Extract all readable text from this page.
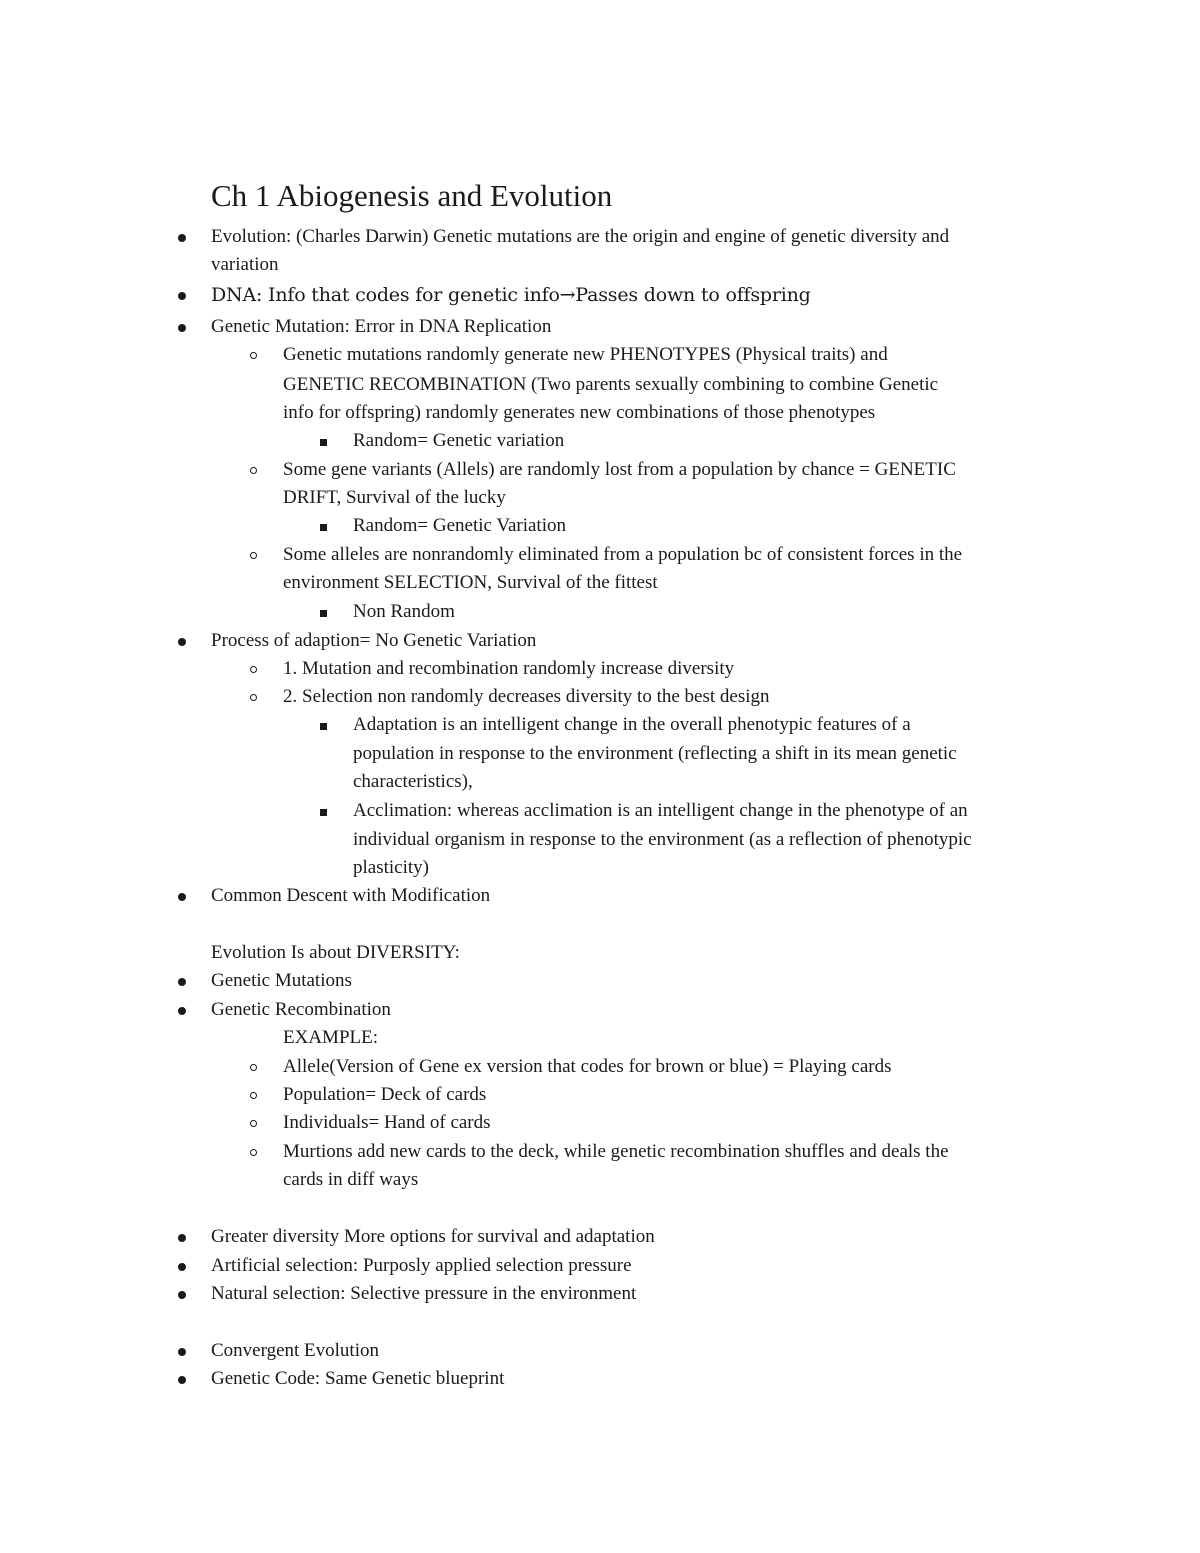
Ch 1 Abiogenesis and Evolution
Evolution: (Charles Darwin) Genetic mutations are the origin and engine of genetic diversity and
variation
DNA: Info that codes for genetic info→Passes down to offspring
Genetic Mutation: Error in DNA Replication
Genetic mutations randomly generate new PHENOTYPES (Physical traits) and
GENETIC RECOMBINATION (Two parents sexually combining to combine Genetic
info for offspring) randomly generates new combinations of those phenotypes
Random= Genetic variation
Some gene variants (Allels) are randomly lost from a population by chance = GENETIC
DRIFT, Survival of the lucky
Random= Genetic Variation
Some alleles are nonrandomly eliminated from a population bc of consistent forces in the
environment SELECTION, Survival of the fittest
Non Random
Process of adaption= No Genetic Variation
1. Mutation and recombination randomly increase diversity
2. Selection non randomly decreases diversity to the best design
Adaptation is an intelligent change in the overall phenotypic features of a
population in response to the environment (reflecting a shift in its mean genetic
characteristics),
Acclimation: whereas acclimation is an intelligent change in the phenotype of an
individual organism in response to the environment (as a reflection of phenotypic
plasticity)
Common Descent with Modification
Evolution Is about DIVERSITY:
Genetic Mutations
Genetic Recombination
EXAMPLE:
Allele(Version of Gene ex version that codes for brown or blue) = Playing cards
Population= Deck of cards
Individuals= Hand of cards
Murtions add new cards to the deck, while genetic recombination shuffles and deals the
cards in diff ways
Greater diversity More options for survival and adaptation
Artificial selection: Purposly applied selection pressure
Natural selection: Selective pressure in the environment
Convergent Evolution
Genetic Code: Same Genetic blueprint
